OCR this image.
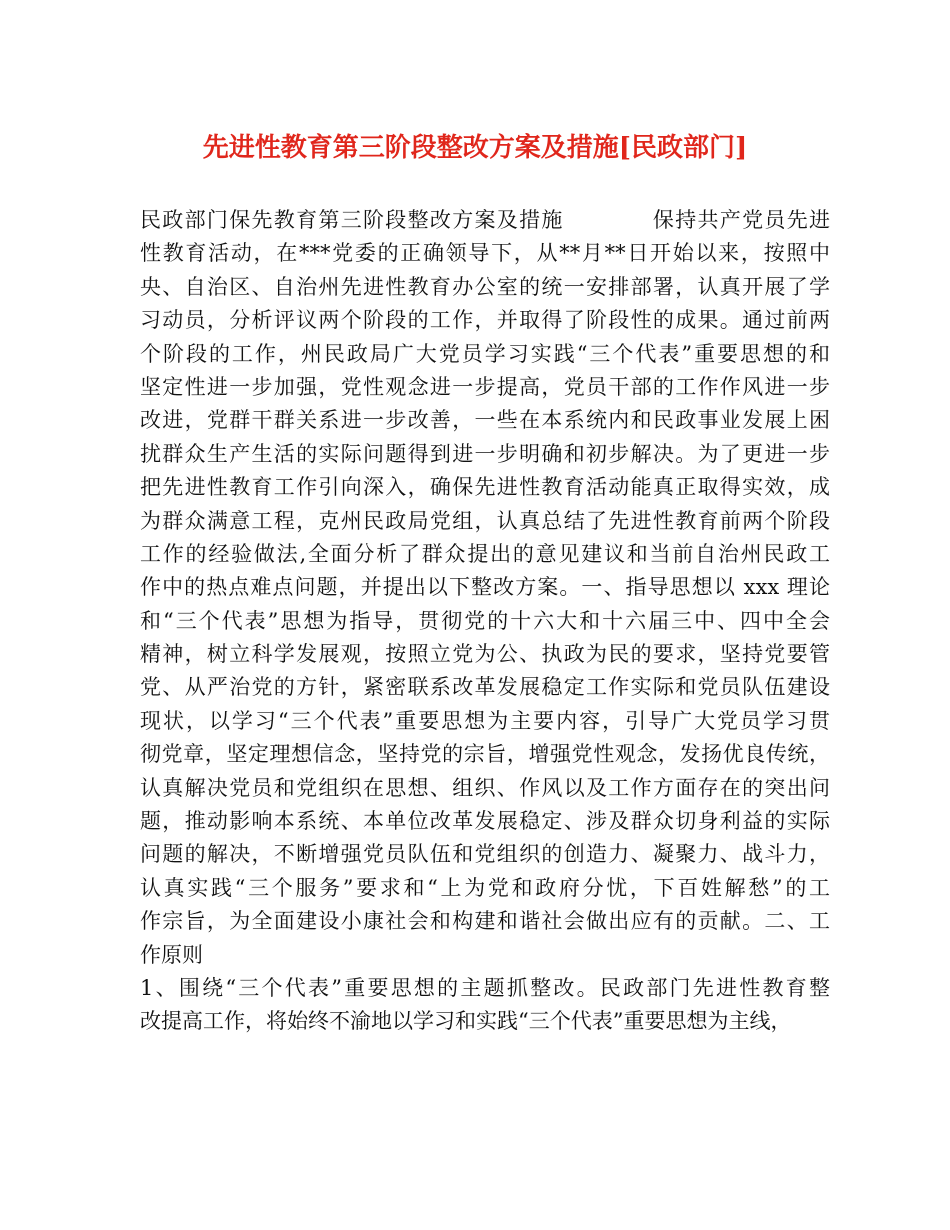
先进性教育第三阶段整改方案及措施[民政部门]
民政部门保先教育第三阶段整改方案及措施　　　　保持共产党员先进
性教育活动，在***党委的正确领导下，从**月**日开始以来，按照中
央、自治区、自治州先进性教育办公室的统一安排部署，认真开展了学
习动员，分析评议两个阶段的工作，并取得了阶段性的成果。通过前两
个阶段的工作，州民政局广大党员学习实践“三个代表”重要思想的和
坚定性进一步加强，党性观念进一步提高，党员干部的工作作风进一步
改进，党群干群关系进一步改善，一些在本系统内和民政事业发展上困
扰群众生产生活的实际问题得到进一步明确和初步解决。为了更进一步
把先进性教育工作引向深入，确保先进性教育活动能真正取得实效，成
为群众满意工程，克州民政局党组，认真总结了先进性教育前两个阶段
工作的经验做法,全面分析了群众提出的意见建议和当前自治州民政工
作中的热点难点问题，并提出以下整改方案。一、指导思想以 xxx 理论
和“三个代表”思想为指导，贯彻党的十六大和十六届三中、四中全会
精神，树立科学发展观，按照立党为公、执政为民的要求，坚持党要管
党、从严治党的方针，紧密联系改革发展稳定工作实际和党员队伍建设
现状，以学习“三个代表”重要思想为主要内容，引导广大党员学习贯
彻党章，坚定理想信念，坚持党的宗旨，增强党性观念，发扬优良传统，
认真解决党员和党组织在思想、组织、作风以及工作方面存在的突出问
题，推动影响本系统、本单位改革发展稳定、涉及群众切身利益的实际
问题的解决，不断增强党员队伍和党组织的创造力、凝聚力、战斗力，
认真实践“三个服务”要求和“上为党和政府分忧，下百姓解愁”的工
作宗旨，为全面建设小康社会和构建和谐社会做出应有的贡献。二、工
作原则
1、围绕“三个代表”重要思想的主题抓整改。民政部门先进性教育整
改提高工作，将始终不渝地以学习和实践“三个代表”重要思想为主线，
